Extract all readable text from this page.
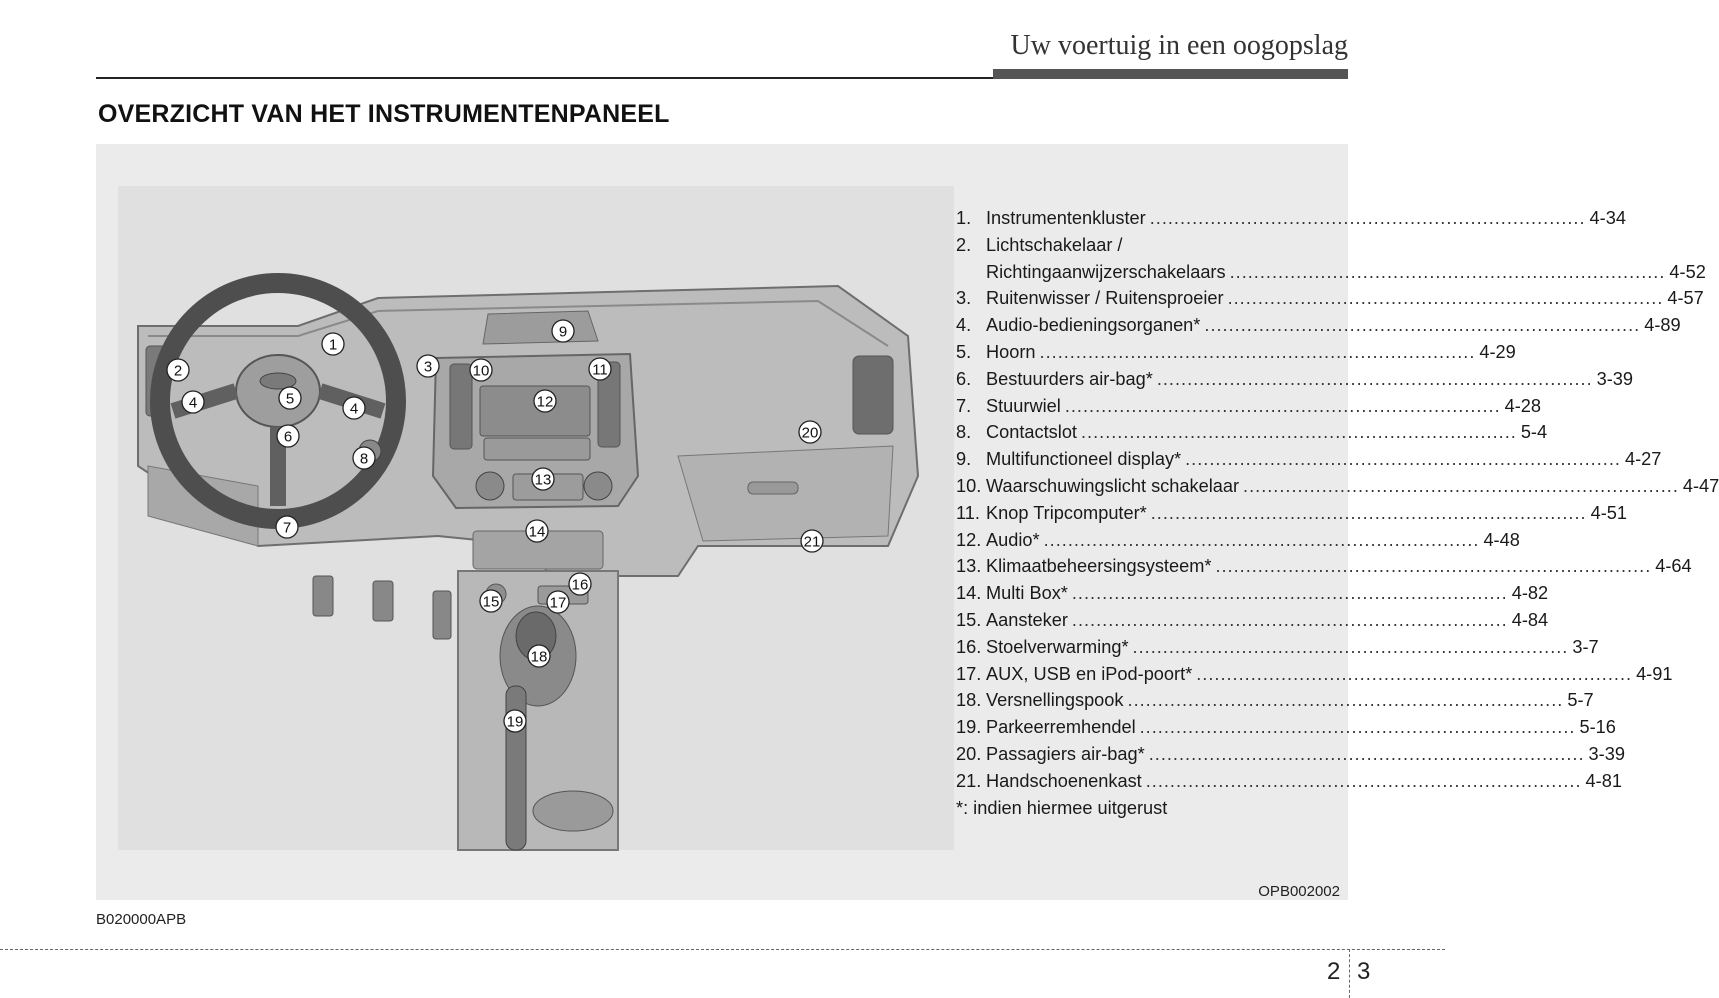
Uw voertuig in een oogopslag
OVERZICHT VAN HET INSTRUMENTENPANEEL
1
2	3
4	5
4
6
8
7
9
10	11
12
13
14
15
16
17
18
19
20
21
1. Instrumentenkluster ........................................................................ 4-34
2. Lichtschakelaar /
Richtingaanwijzerschakelaars ........................................................................ 4-52
3. Ruitenwisser / Ruitensproeier ........................................................................ 4-57
4. Audio-bedieningsorganen* ........................................................................ 4-89
5. Hoorn ........................................................................ 4-29
6. Bestuurders air-bag* ........................................................................ 3-39
7. Stuurwiel ........................................................................ 4-28
8. Contactslot ........................................................................ 5-4
9. Multifunctioneel display* ........................................................................ 4-27
10. Waarschuwingslicht schakelaar ........................................................................ 4-47
11. Knop Tripcomputer* ........................................................................ 4-51
12. Audio* ........................................................................ 4-48
13. Klimaatbeheersingsysteem* ........................................................................ 4-64
14. Multi Box* ........................................................................ 4-82
15. Aansteker ........................................................................ 4-84
16. Stoelverwarming* ........................................................................ 3-7
17. AUX, USB en iPod-poort* ........................................................................ 4-91
18. Versnellingspook ........................................................................ 5-7
19. Parkeerremhendel ........................................................................ 5-16
20. Passagiers air-bag* ........................................................................ 3-39
21. Handschoenenkast ........................................................................ 4-81
*: indien hiermee uitgerust
OPB002002
B020000APB
2 3
